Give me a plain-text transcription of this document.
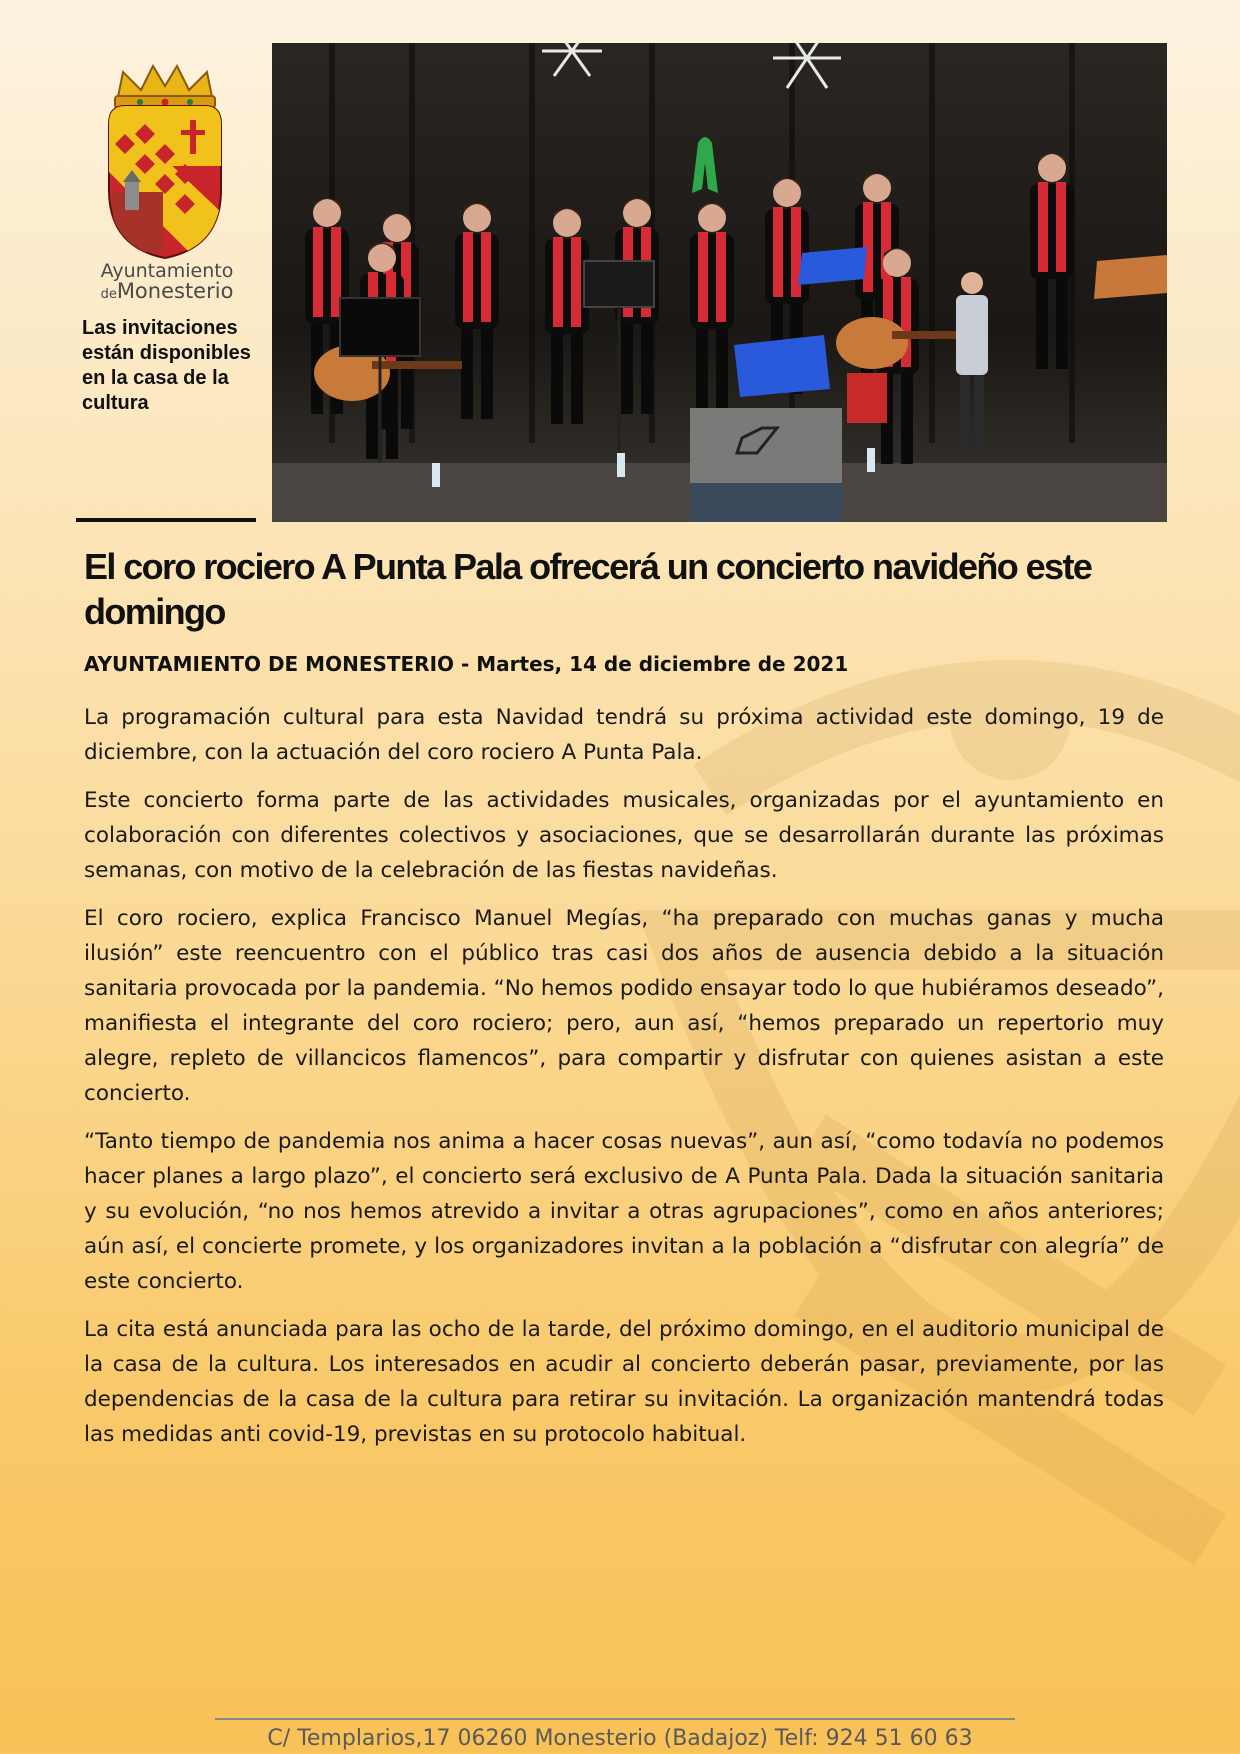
Ayuntamiento
deMonesterio

Las invitaciones están disponibles en la casa de la cultura

El coro rociero A Punta Pala ofrecerá un concierto navideño este domingo

AYUNTAMIENTO DE MONESTERIO - Martes, 14 de diciembre de 2021

La programación cultural para esta Navidad tendrá su próxima actividad este domingo, 19 de diciembre, con la actuación del coro rociero A Punta Pala.

Este concierto forma parte de las actividades musicales, organizadas por el ayuntamiento en colaboración con diferentes colectivos y asociaciones, que se desarrollarán durante las próximas semanas, con motivo de la celebración de las fiestas navideñas.

El coro rociero, explica Francisco Manuel Megías, “ha preparado con muchas ganas y mucha ilusión” este reencuentro con el público tras casi dos años de ausencia debido a la situación sanitaria provocada por la pandemia. “No hemos podido ensayar todo lo que hubiéramos deseado”, manifiesta el integrante del coro rociero; pero, aun así, “hemos preparado un repertorio muy alegre, repleto de villancicos flamencos”, para compartir y disfrutar con quienes asistan a este concierto.

“Tanto tiempo de pandemia nos anima a hacer cosas nuevas”, aun así, “como todavía no podemos hacer planes a largo plazo”, el concierto será exclusivo de A Punta Pala. Dada la situación sanitaria y su evolución, “no nos hemos atrevido a invitar a otras agrupaciones”, como en años anteriores; aún así, el concierte promete, y los organizadores invitan a la población a “disfrutar con alegría” de este concierto.

La cita está anunciada para las ocho de la tarde, del próximo domingo, en el auditorio municipal de la casa de la cultura. Los interesados en acudir al concierto deberán pasar, previamente, por las dependencias de la casa de la cultura para retirar su invitación. La organización mantendrá todas las medidas anti covid-19, previstas en su protocolo habitual.

C/ Templarios,17 06260 Monesterio (Badajoz) Telf: 924 51 60 63
